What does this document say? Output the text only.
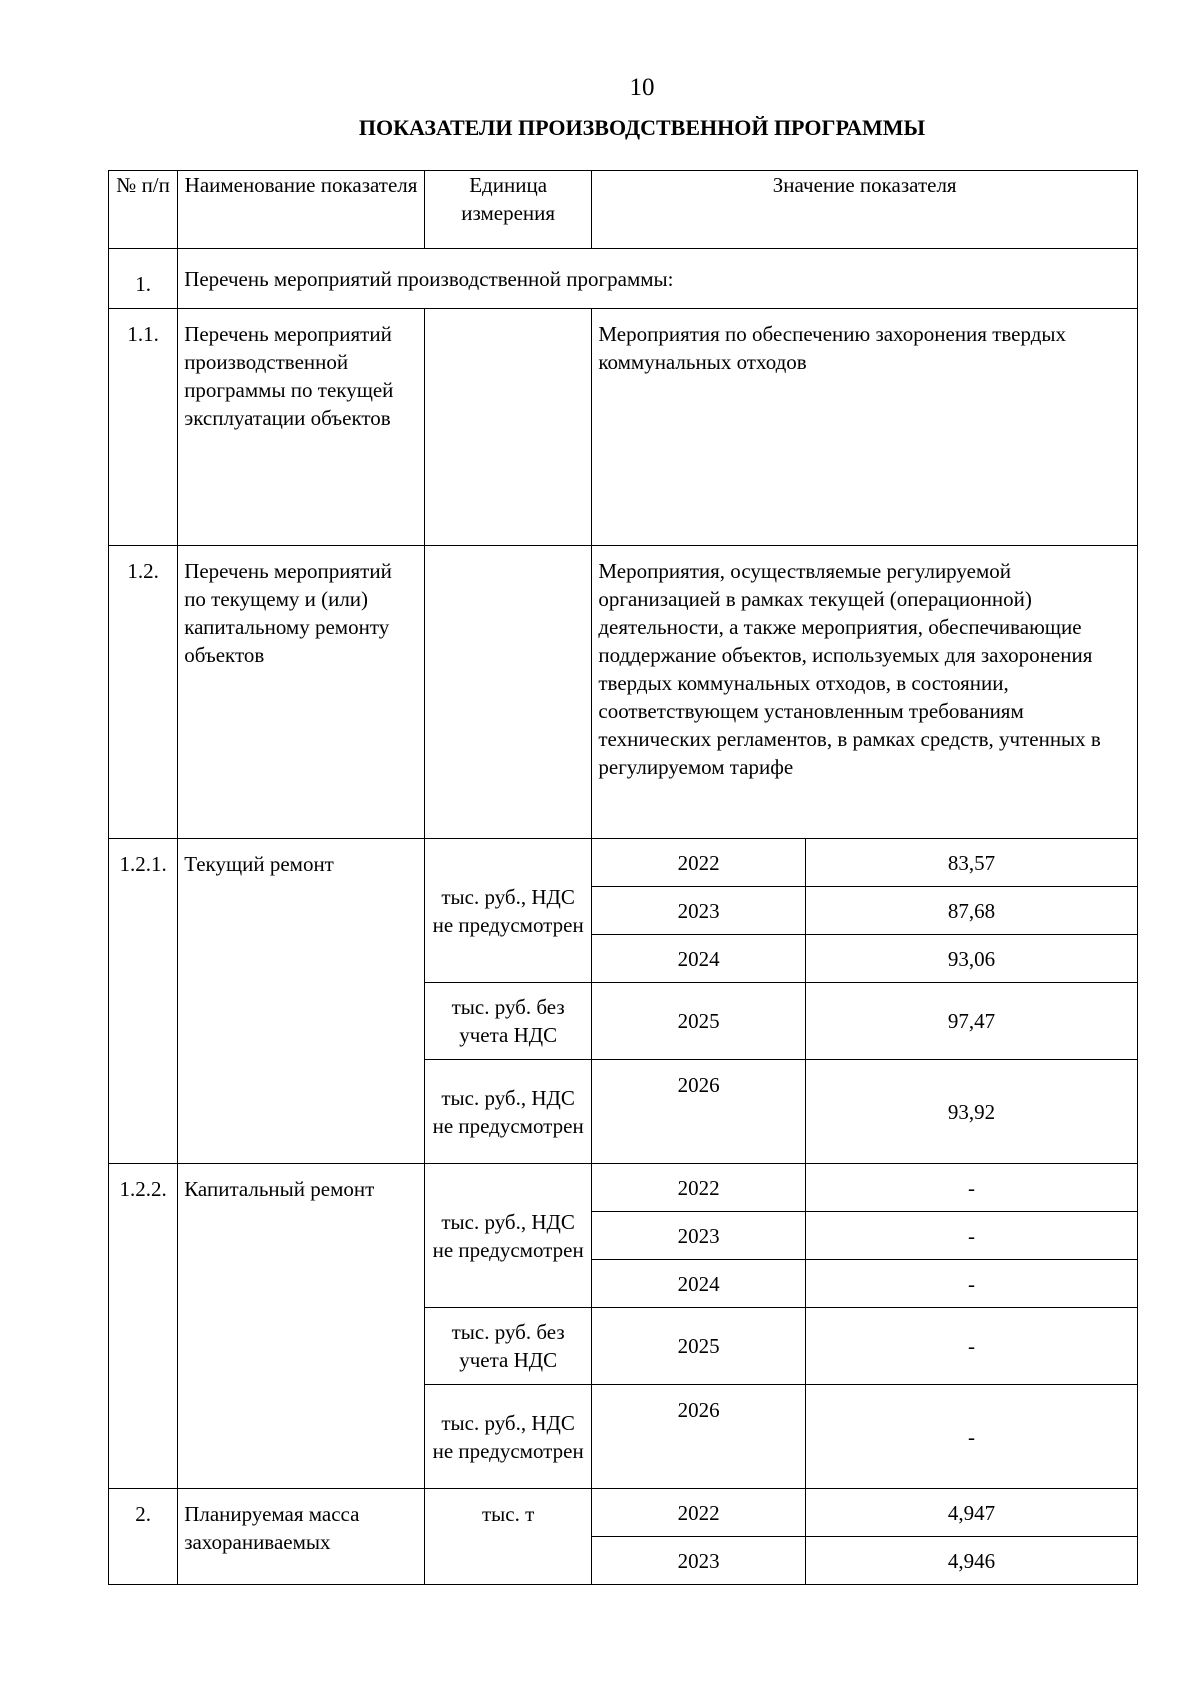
10
ПОКАЗАТЕЛИ ПРОИЗВОДСТВЕННОЙ ПРОГРАММЫ
№ п/п	Наименование показателя	Единица измерения	Значение показателя	
1.	Перечень мероприятий производственной программы:			
1.1.	Перечень мероприятий производственной программы по текущей эксплуатации объектов		Мероприятия по обеспечению захоронения твердых коммунальных отходов	
1.2.	Перечень мероприятий по текущему и (или) капитальному ремонту объектов		Мероприятия, осуществляемые регулируемой организацией в рамках текущей (операционной) деятельности, а также мероприятия, обеспечивающие поддержание объектов, используемых для захоронения твердых коммунальных отходов, в состоянии, соответствующем установленным требованиям технических регламентов, в рамках средств, учтенных в регулируемом тарифе	
1.2.1.	Текущий ремонт	тыс. руб., НДС не предусмотрен	2022	83,57
			2023	87,68
			2024	93,06
		тыс. руб. без учета НДС	2025	97,47
		тыс. руб., НДС не предусмотрен	2026	93,92
1.2.2.	Капитальный ремонт	тыс. руб., НДС не предусмотрен	2022	-
			2023	-
			2024	-
		тыс. руб. без учета НДС	2025	-
		тыс. руб., НДС не предусмотрен	2026	-
2.	Планируемая масса захораниваемых	тыс. т	2022	4,947
			2023	4,946
